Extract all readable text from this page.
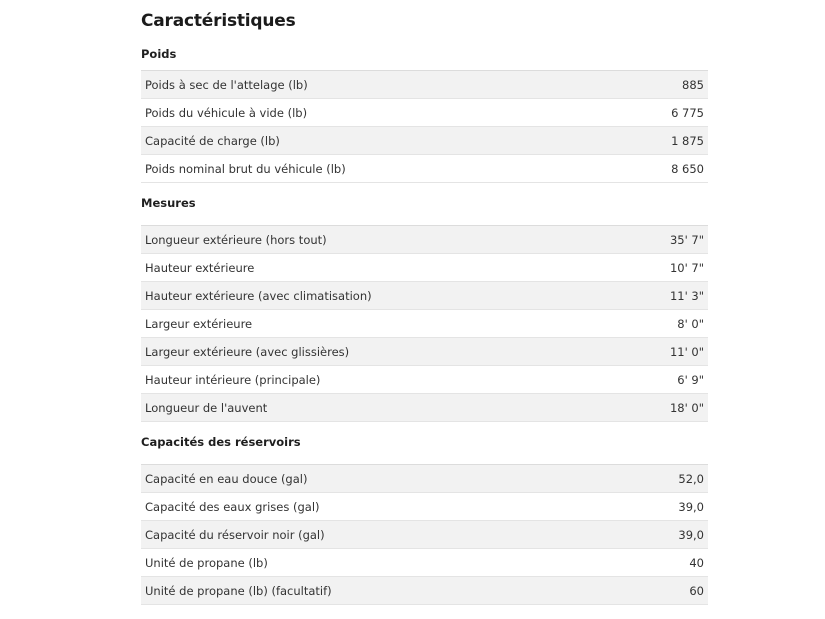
Caractéristiques
Poids
Poids à sec de l'attelage (lb)	885
Poids du véhicule à vide (lb)	6 775
Capacité de charge (lb)	1 875
Poids nominal brut du véhicule (lb)	8 650
Mesures
Longueur extérieure (hors tout)	35' 7"
Hauteur extérieure	10' 7"
Hauteur extérieure (avec climatisation)	11' 3"
Largeur extérieure	8' 0"
Largeur extérieure (avec glissières)	11' 0"
Hauteur intérieure (principale)	6' 9"
Longueur de l'auvent	18' 0"
Capacités des réservoirs
Capacité en eau douce (gal)	52,0
Capacité des eaux grises (gal)	39,0
Capacité du réservoir noir (gal)	39,0
Unité de propane (lb)	40
Unité de propane (lb) (facultatif)	60
